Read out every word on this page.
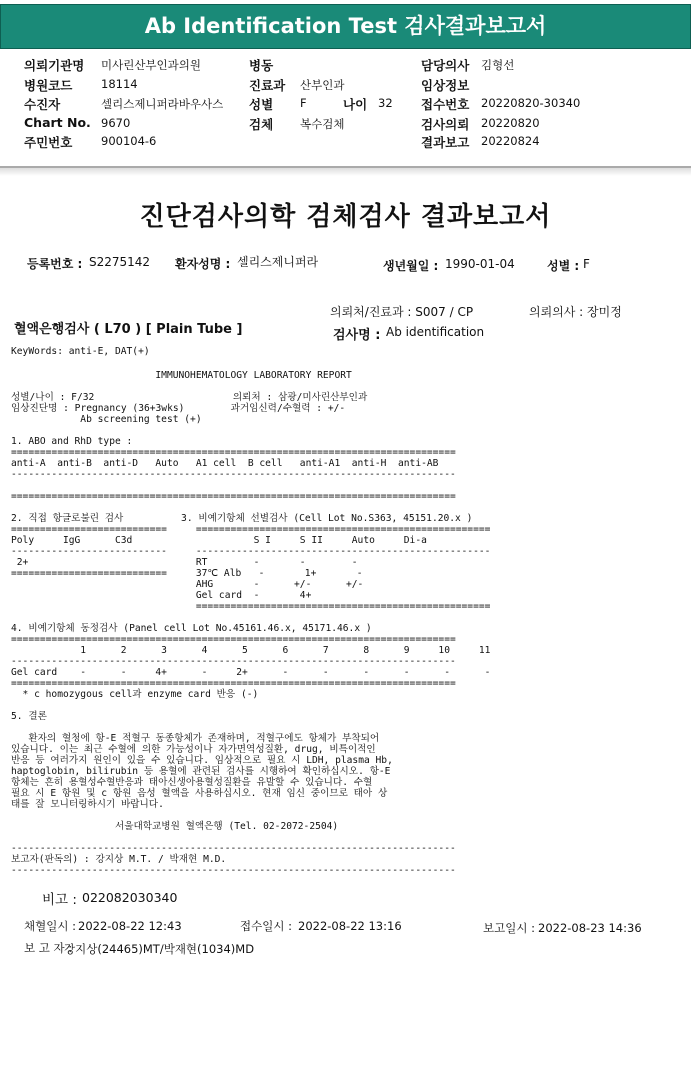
Ab Identification Test 검사결과보고서
의뢰기관명 미사린산부인과의원
병원코드 18114
수진자	셀리스제니퍼라바우사스
Chart No. 9670
주민번호 900104-6
병동
진료과 산부인과
성별 F
검체 복수검체
담당의사 김형선
임상정보
접수번호 20220820-30340
검사의뢰 20220820
결과보고 20220824
나이 32
진단검사의학 검체검사 결과보고서
등록번호 : S2275142 환자성명 : 셀리스제니퍼라	생년월일 : 1990-01-04	성별 : F
의뢰처/진료과 : S007 / CP	의뢰의사 : 장미정
혈액은행검사 ( L70 ) [ Plain Tube ]	검사명 : Ab identification
KeyWords: anti-E, DAT(+)
IMMUNOHEMATOLOGY LABORATORY REPORT

성별/나이 : F/32                        의뢰처 : 삼광/미사린산부인과
임상진단명 : Pregnancy (36+3wks)        과거임신력/수혈력 : +/-
Ab screening test (+)

1. ABO and RhD type :
=============================================================================
anti-A  anti-B  anti-D   Auto   A1 cell  B cell   anti-A1  anti-H  anti-AB
-----------------------------------------------------------------------------

=============================================================================

2. 직접 항글로불린 검사          3. 비예기항체 선별검사 (Cell Lot No.S363, 45151.20.x )
===========================     ===================================================
Poly     IgG      C3d                     S I     S II     Auto     Di-a
---------------------------     ---------------------------------------------------
2+                             RT        -       -        -
===========================     37℃ Alb   -       1+       -
AHG       -      +/-      +/-
Gel card  -       4+
===================================================

4. 비예기항체 동정검사 (Panel cell Lot No.45161.46.x, 45171.46.x )
=============================================================================
1      2      3      4      5      6      7      8      9     10     11
-----------------------------------------------------------------------------
Gel card    -      -     4+      -     2+      -      -      -      -      -      -
=============================================================================
* c homozygous cell과 enzyme card 반응 (-)

5. 결론

환자의 혈청에 항-E 적혈구 동종항체가 존재하며, 적혈구에도 항체가 부착되어
있습니다. 이는 최근 수혈에 의한 가능성이나 자가면역성질환, drug, 비특이적인
반응 등 여러가지 원인이 있을 수 있습니다. 임상적으로 필요 시 LDH, plasma Hb,
haptoglobin, bilirubin 등 용혈에 관련된 검사를 시행하여 확인하십시오. 항-E
항체는 흔히 용혈성수혈반응과 태아신생아용혈성질환을 유발할 수 있습니다. 수혈
필요 시 E 항원 및 c 항원 음성 혈액을 사용하십시오. 현재 임신 중이므로 태아 상
태를 잘 모니터링하시기 바랍니다.

서울대학교병원 혈액은행 (Tel. 02-2072-2504)

-----------------------------------------------------------------------------
보고자(판독의) : 강지상 M.T. / 박재현 M.D.
-----------------------------------------------------------------------------
비고 : 022082030340
채혈일시 : 2022-08-22 12:43	접수일시 : 2022-08-22 13:16	보고일시 : 2022-08-23 14:36
보 고 자 :
강지상(24465)MT/박재현(1034)MD
